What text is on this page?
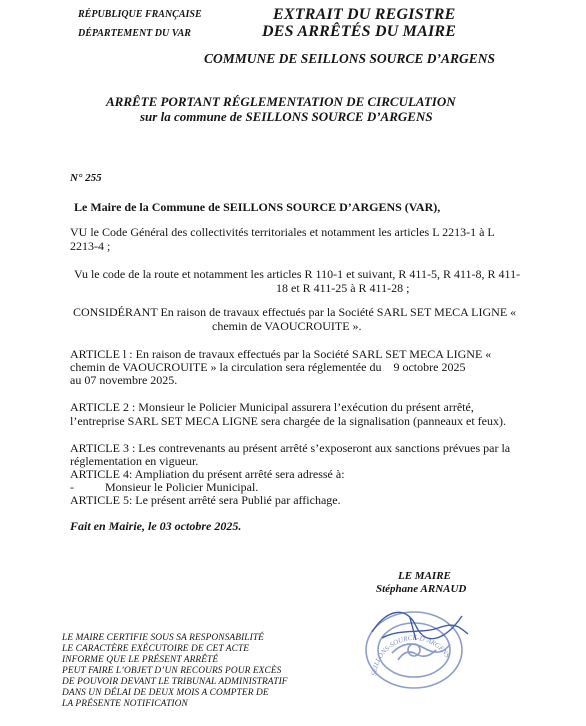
RÉPUBLIQUE FRANÇAISE
DÉPARTEMENT DU VAR
EXTRAIT DU REGISTRE
DES ARRÊTÉS DU MAIRE
COMMUNE DE SEILLONS SOURCE D’ARGENS
ARRÊTE PORTANT RÉGLEMENTATION DE CIRCULATION
sur la commune de SEILLONS SOURCE D’ARGENS
N° 255
Le Maire de la Commune de SEILLONS SOURCE D’ARGENS (VAR),
VU le Code Général des collectivités territoriales et notamment les articles L 2213-1 à L
2213-4 ;
Vu le code de la route et notamment les articles R 110-1 et suivant, R 411-5, R 411-8, R 411-
18 et R 411-25 à R 411-28 ;
CONSIDÉRANT En raison de travaux effectués par la Société SARL SET MECA LIGNE «
chemin de VAOUCROUITE ».
ARTICLE l : En raison de travaux effectués par la Société SARL SET MECA LIGNE «
chemin de VAOUCROUITE » la circulation sera réglementée du    9 octobre 2025
au 07 novembre 2025.
ARTICLE 2 : Monsieur le Policier Municipal assurera l’exécution du présent arrêté,
l’entreprise SARL SET MECA LIGNE sera chargée de la signalisation (panneaux et feux).
ARTICLE 3 : Les contrevenants au présent arrêté s’exposeront aux sanctions prévues par la
réglementation en vigueur.
ARTICLE 4: Ampliation du présent arrêté sera adressé à:
-	Monsieur le Policier Municipal.
ARTICLE 5: Le présent arrêté sera Publié par affichage.
Fait en Mairie, le 03 octobre 2025.
LE MAIRE
Stéphane ARNAUD
SEILLONS-SOURCE-D’ARGENS
LE MAIRE CERTIFIE SOUS SA RESPONSABILITÉ
LE CARACTÈRE EXÉCUTOIRE DE CET ACTE
INFORME QUE LE PRÉSENT ARRÊTÉ
PEUT FAIRE L’OBJET D’UN RECOURS POUR EXCÈS
DE POUVOIR DEVANT LE TRIBUNAL ADMINISTRATIF
DANS UN DÉLAI DE DEUX MOIS A COMPTER DE
LA PRÉSENTE NOTIFICATION
